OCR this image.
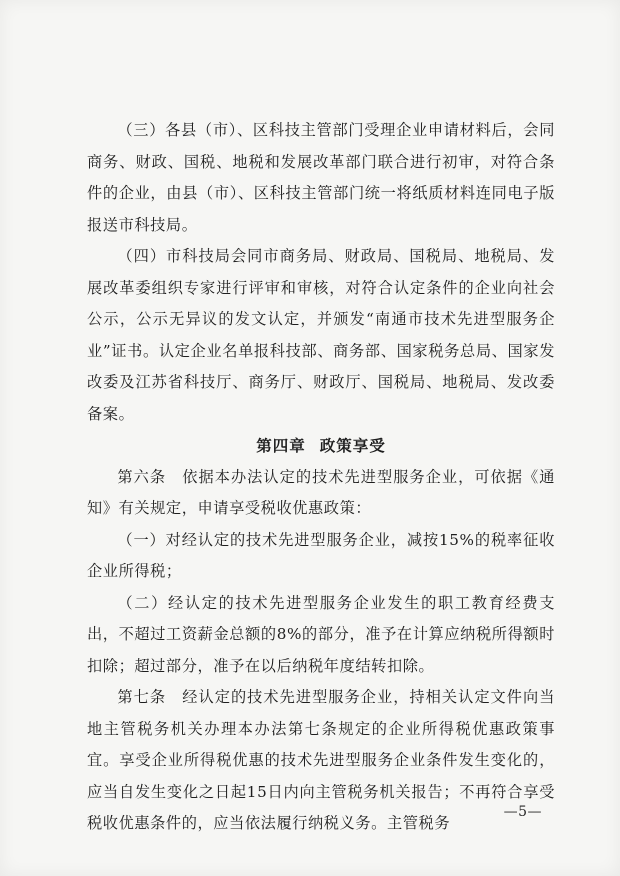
（三）各县（市）、区科技主管部门受理企业申请材料后，会同商务、财政、国税、地税和发展改革部门联合进行初审，对符合条件的企业，由县（市）、区科技主管部门统一将纸质材料连同电子版报送市科技局。

（四）市科技局会同市商务局、财政局、国税局、地税局、发展改革委组织专家进行评审和审核，对符合认定条件的企业向社会公示，公示无异议的发文认定，并颁发“南通市技术先进型服务企业”证书。认定企业名单报科技部、商务部、国家税务总局、国家发改委及江苏省科技厅、商务厅、财政厅、国税局、地税局、发改委备案。

第四章 政策享受

第六条　依据本办法认定的技术先进型服务企业，可依据《通知》有关规定，申请享受税收优惠政策：

（一）对经认定的技术先进型服务企业，减按15%的税率征收企业所得税；

（二）经认定的技术先进型服务企业发生的职工教育经费支出，不超过工资薪金总额的8%的部分，准予在计算应纳税所得额时扣除；超过部分，准予在以后纳税年度结转扣除。

第七条　经认定的技术先进型服务企业，持相关认定文件向当地主管税务机关办理本办法第七条规定的企业所得税优惠政策事宜。享受企业所得税优惠的技术先进型服务企业条件发生变化的，应当自发生变化之日起15日内向主管税务机关报告；不再符合享受税收优惠条件的，应当依法履行纳税义务。主管税务

—5—
